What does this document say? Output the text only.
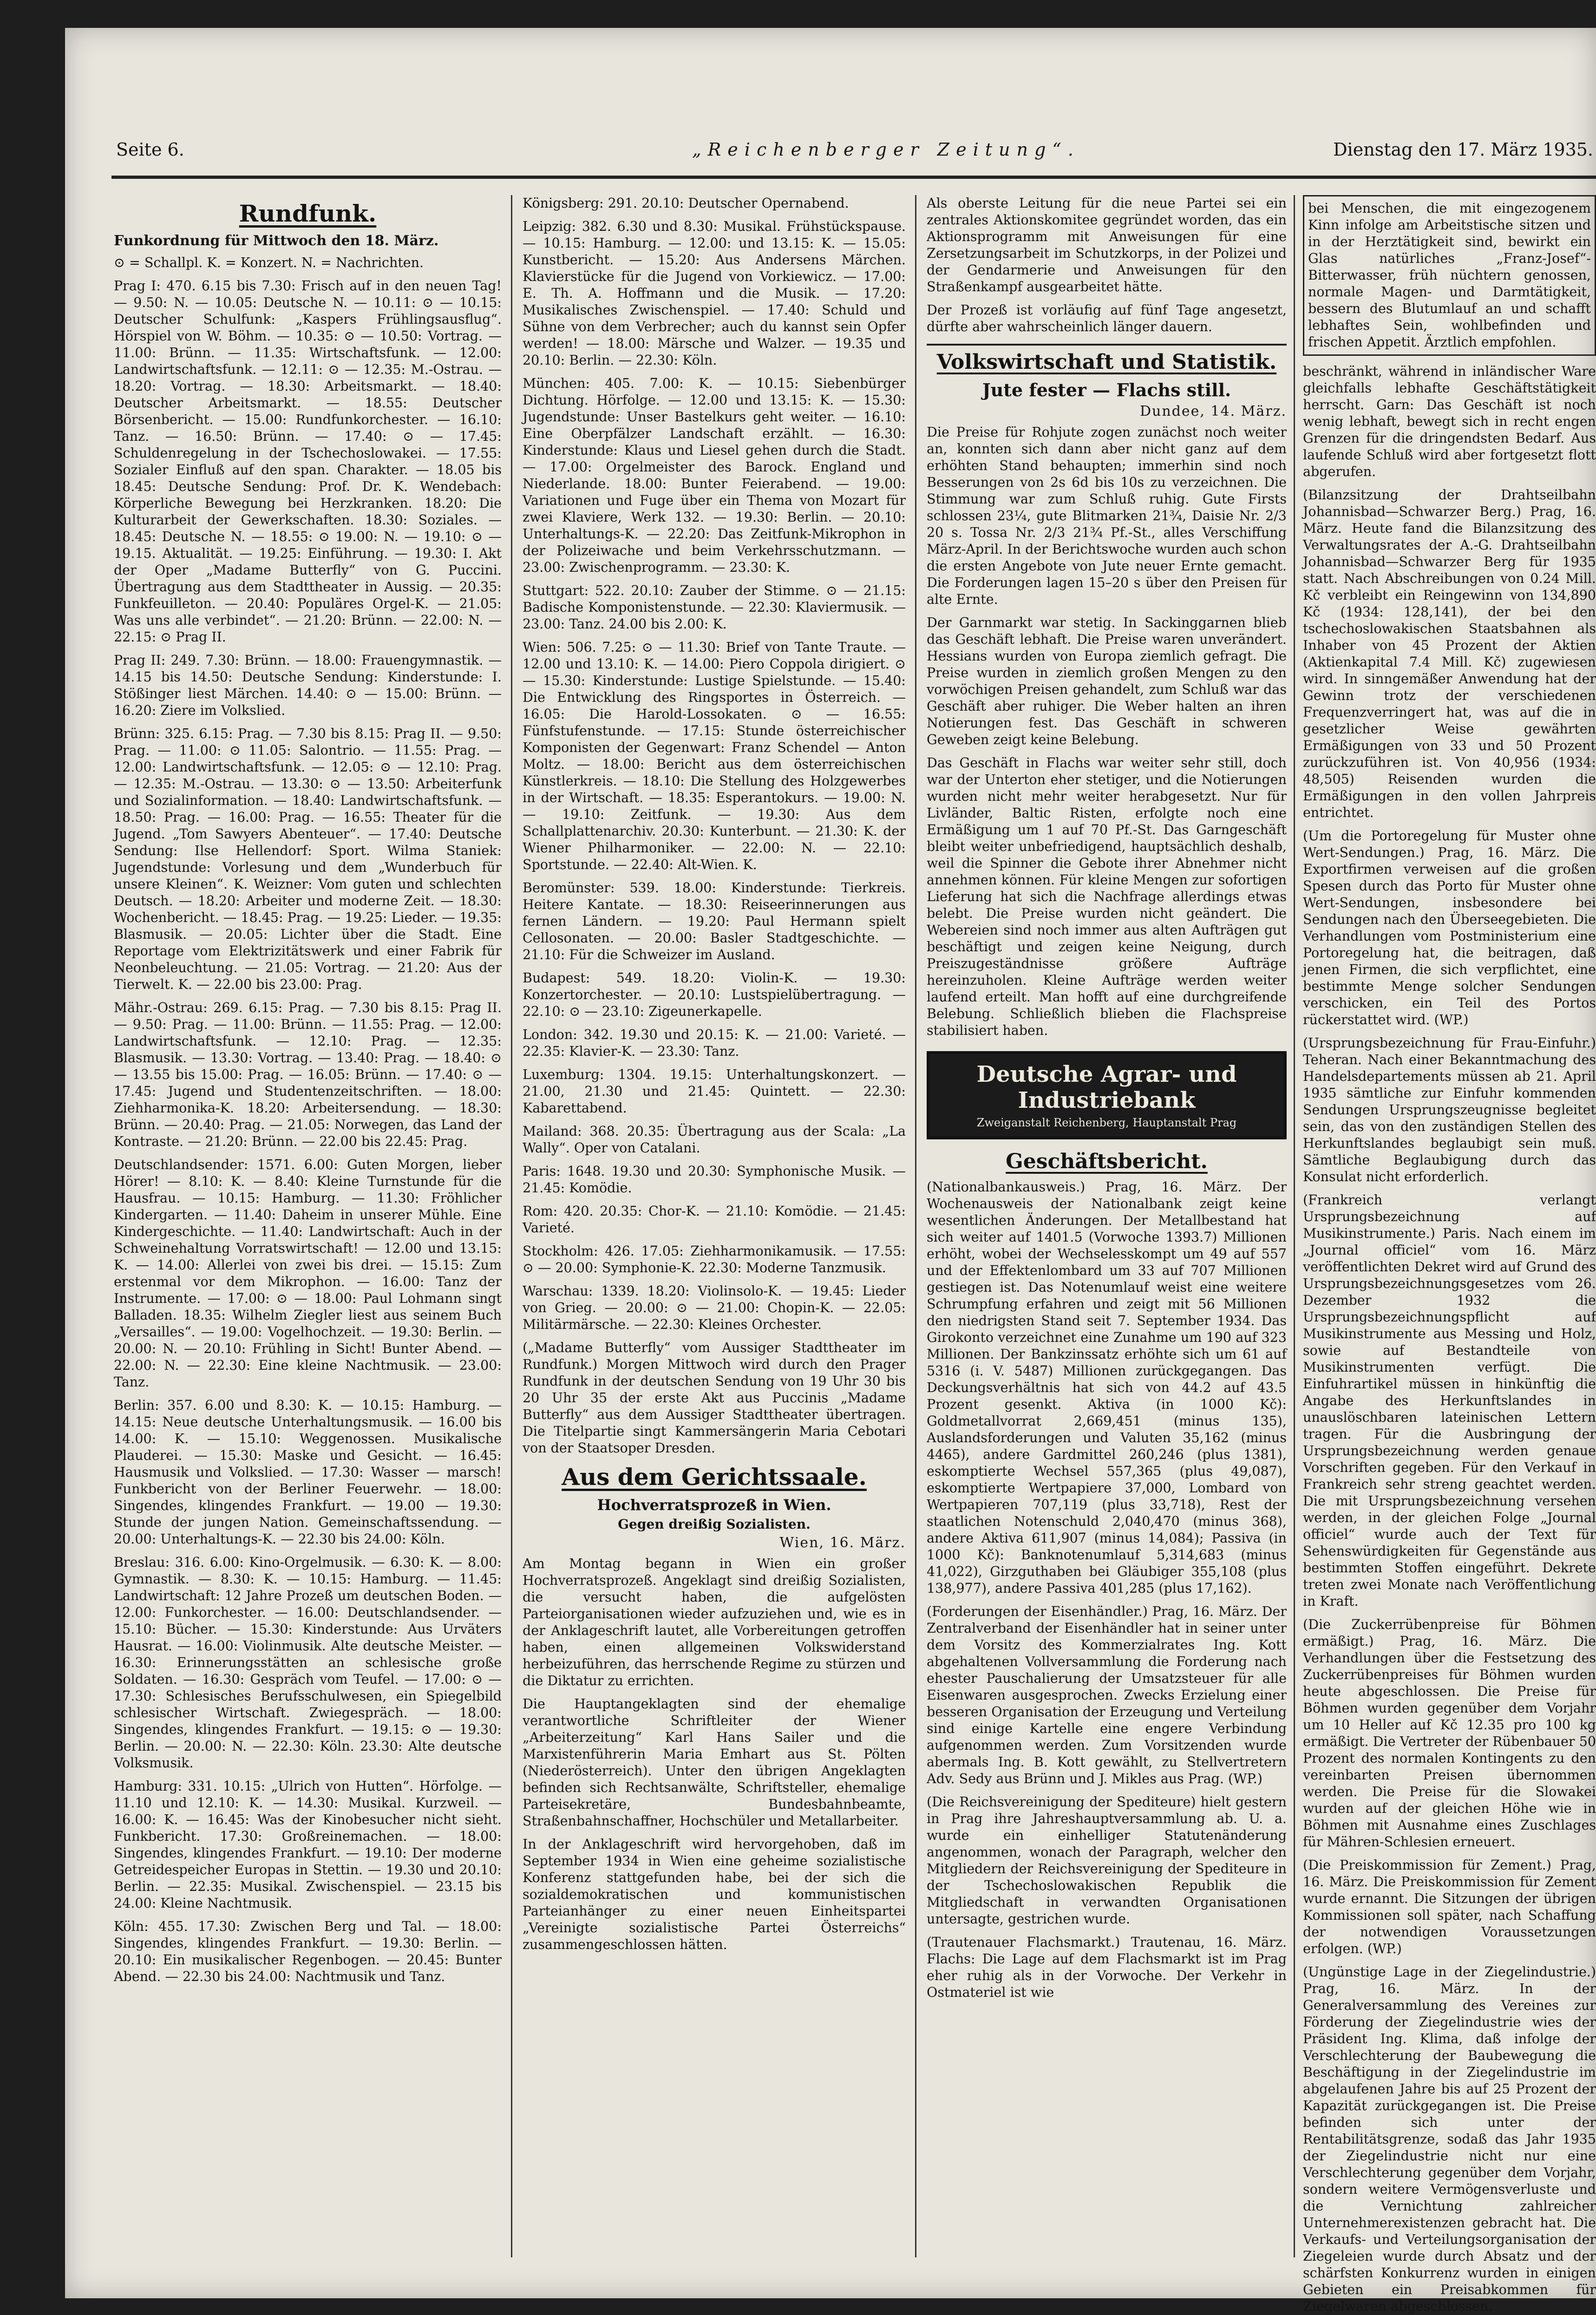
Seite 6.	„Reichenberger Zeitung“.	Dienstag den 17. März 1935.
Rundfunk.
Funkordnung für Mittwoch den 18. März.

⊙ = Schallpl. K. = Konzert. N. = Nachrichten.

Prag I: 470. 6.15 bis 7.30: Frisch auf in den neuen Tag! — 9.50: N. — 10.05: Deutsche N. — 10.11: ⊙ — 10.15: Deutscher Schulfunk: „Kaspers Frühlingsausflug“. Hörspiel von W. Böhm. — 10.35: ⊙ — 10.50: Vortrag. — 11.00: Brünn. — 11.35: Wirtschaftsfunk. — 12.00: Landwirtschaftsfunk. — 12.11: ⊙ — 12.35: M.-Ostrau. — 18.20: Vortrag. — 18.30: Arbeitsmarkt. — 18.40: Deutscher Arbeitsmarkt. — 18.55: Deutscher Börsenbericht. — 15.00: Rundfunkorchester. — 16.10: Tanz. — 16.50: Brünn. — 17.40: ⊙ — 17.45: Schuldenregelung in der Tschechoslowakei. — 17.55: Sozialer Einfluß auf den span. Charakter. — 18.05 bis 18.45: Deutsche Sendung: Prof. Dr. K. Wendebach: Körperliche Bewegung bei Herzkranken. 18.20: Die Kulturarbeit der Gewerkschaften. 18.30: Soziales. — 18.45: Deutsche N. — 18.55: ⊙ 19.00: N. — 19.10: ⊙ — 19.15. Aktualität. — 19.25: Einführung. — 19.30: I. Akt der Oper „Madame Butterfly“ von G. Puccini. Übertragung aus dem Stadttheater in Aussig. — 20.35: Funkfeuilleton. — 20.40: Populäres Orgel-K. — 21.05: Was uns alle verbindet“. — 21.20: Brünn. — 22.00: N. — 22.15: ⊙ Prag II.

Prag II: 249. 7.30: Brünn. — 18.00: Frauengymnastik. — 14.15 bis 14.50: Deutsche Sendung: Kinderstunde: I. Stößinger liest Märchen. 14.40: ⊙ — 15.00: Brünn. — 16.20: Ziere im Volkslied.

Brünn: 325. 6.15: Prag. — 7.30 bis 8.15: Prag II. — 9.50: Prag. — 11.00: ⊙ 11.05: Salontrio. — 11.55: Prag. — 12.00: Landwirtschaftsfunk. — 12.05: ⊙ — 12.10: Prag. — 12.35: M.-Ostrau. — 13.30: ⊙ — 13.50: Arbeiterfunk und Sozialinformation. — 18.40: Landwirtschaftsfunk. — 18.50: Prag. — 16.00: Prag. — 16.55: Theater für die Jugend. „Tom Sawyers Abenteuer“. — 17.40: Deutsche Sendung: Ilse Hellendorf: Sport. Wilma Staniek: Jugendstunde: Vorlesung und dem „Wunderbuch für unsere Kleinen“. K. Weizner: Vom guten und schlechten Deutsch. — 18.20: Arbeiter und moderne Zeit. — 18.30: Wochenbericht. — 18.45: Prag. — 19.25: Lieder. — 19.35: Blasmusik. — 20.05: Lichter über die Stadt. Eine Reportage vom Elektrizitätswerk und einer Fabrik für Neonbeleuchtung. — 21.05: Vortrag. — 21.20: Aus der Tierwelt. K. — 22.00 bis 23.00: Prag.

Mähr.-Ostrau: 269. 6.15: Prag. — 7.30 bis 8.15: Prag II. — 9.50: Prag. — 11.00: Brünn. — 11.55: Prag. — 12.00: Landwirtschaftsfunk. — 12.10: Prag. — 12.35: Blasmusik. — 13.30: Vortrag. — 13.40: Prag. — 18.40: ⊙ — 13.55 bis 15.00: Prag. — 16.05: Brünn. — 17.40: ⊙ — 17.45: Jugend und Studentenzeitschriften. — 18.00: Ziehharmonika-K. 18.20: Arbeitersendung. — 18.30: Brünn. — 20.40: Prag. — 21.05: Norwegen, das Land der Kontraste. — 21.20: Brünn. — 22.00 bis 22.45: Prag.

Deutschlandsender: 1571. 6.00: Guten Morgen, lieber Hörer! — 8.10: K. — 8.40: Kleine Turnstunde für die Hausfrau. — 10.15: Hamburg. — 11.30: Fröhlicher Kindergarten. — 11.40: Daheim in unserer Mühle. Eine Kindergeschichte. — 11.40: Landwirtschaft: Auch in der Schweinehaltung Vorratswirtschaft! — 12.00 und 13.15: K. — 14.00: Allerlei von zwei bis drei. — 15.15: Zum erstenmal vor dem Mikrophon. — 16.00: Tanz der Instrumente. — 17.00: ⊙ — 18.00: Paul Lohmann singt Balladen. 18.35: Wilhelm Ziegler liest aus seinem Buch „Versailles“. — 19.00: Vogelhochzeit. — 19.30: Berlin. — 20.00: N. — 20.10: Frühling in Sicht! Bunter Abend. — 22.00: N. — 22.30: Eine kleine Nachtmusik. — 23.00: Tanz.

Berlin: 357. 6.00 und 8.30: K. — 10.15: Hamburg. — 14.15: Neue deutsche Unterhaltungsmusik. — 16.00 bis 14.00: K. — 15.10: Weggenossen. Musikalische Plauderei. — 15.30: Maske und Gesicht. — 16.45: Hausmusik und Volkslied. — 17.30: Wasser — marsch! Funkbericht von der Berliner Feuerwehr. — 18.00: Singendes, klingendes Frankfurt. — 19.00 — 19.30: Stunde der jungen Nation. Gemeinschaftssendung. — 20.00: Unterhaltungs-K. — 22.30 bis 24.00: Köln.

Breslau: 316. 6.00: Kino-Orgelmusik. — 6.30: K. — 8.00: Gymnastik. — 8.30: K. — 10.15: Hamburg. — 11.45: Landwirtschaft: 12 Jahre Prozeß um deutschen Boden. — 12.00: Funkorchester. — 16.00: Deutschlandsender. — 15.10: Bücher. — 15.30: Kinderstunde: Aus Urväters Hausrat. — 16.00: Violinmusik. Alte deutsche Meister. — 16.30: Erinnerungsstätten an schlesische große Soldaten. — 16.30: Gespräch vom Teufel. — 17.00: ⊙ — 17.30: Schlesisches Berufsschulwesen, ein Spiegelbild schlesischer Wirtschaft. Zwiegespräch. — 18.00: Singendes, klingendes Frankfurt. — 19.15: ⊙ — 19.30: Berlin. — 20.00: N. — 22.30: Köln. 23.30: Alte deutsche Volksmusik.

Hamburg: 331. 10.15: „Ulrich von Hutten“. Hörfolge. — 11.10 und 12.10: K. — 14.30: Musikal. Kurzweil. — 16.00: K. — 16.45: Was der Kinobesucher nicht sieht. Funkbericht. 17.30: Großreinemachen. — 18.00: Singendes, klingendes Frankfurt. — 19.10: Der moderne Getreidespeicher Europas in Stettin. — 19.30 und 20.10: Berlin. — 22.35: Musikal. Zwischenspiel. — 23.15 bis 24.00: Kleine Nachtmusik.

Köln: 455. 17.30: Zwischen Berg und Tal. — 18.00: Singendes, klingendes Frankfurt. — 19.30: Berlin. — 20.10: Ein musikalischer Regenbogen. — 20.45: Bunter Abend. — 22.30 bis 24.00: Nachtmusik und Tanz.

Königsberg: 291. 20.10: Deutscher Opernabend.

Leipzig: 382. 6.30 und 8.30: Musikal. Frühstückspause. — 10.15: Hamburg. — 12.00: und 13.15: K. — 15.05: Kunstbericht. — 15.20: Aus Andersens Märchen. Klavierstücke für die Jugend von Vorkiewicz. — 17.00: E. Th. A. Hoffmann und die Musik. — 17.20: Musikalisches Zwischenspiel. — 17.40: Schuld und Sühne von dem Verbrecher; auch du kannst sein Opfer werden! — 18.00: Märsche und Walzer. — 19.35 und 20.10: Berlin. — 22.30: Köln.

München: 405. 7.00: K. — 10.15: Siebenbürger Dichtung. Hörfolge. — 12.00 und 13.15: K. — 15.30: Jugendstunde: Unser Bastelkurs geht weiter. — 16.10: Eine Oberpfälzer Landschaft erzählt. — 16.30: Kinderstunde: Klaus und Liesel gehen durch die Stadt. — 17.00: Orgelmeister des Barock. England und Niederlande. 18.00: Bunter Feierabend. — 19.00: Variationen und Fuge über ein Thema von Mozart für zwei Klaviere, Werk 132. — 19.30: Berlin. — 20.10: Unterhaltungs-K. — 22.20: Das Zeitfunk-Mikrophon in der Polizeiwache und beim Verkehrsschutzmann. — 23.00: Zwischenprogramm. — 23.30: K.

Stuttgart: 522. 20.10: Zauber der Stimme. ⊙ — 21.15: Badische Komponistenstunde. — 22.30: Klaviermusik. — 23.00: Tanz. 24.00 bis 2.00: K.

Wien: 506. 7.25: ⊙ — 11.30: Brief von Tante Traute. — 12.00 und 13.10: K. — 14.00: Piero Coppola dirigiert. ⊙ — 15.30: Kinderstunde: Lustige Spielstunde. — 15.40: Die Entwicklung des Ringsportes in Österreich. — 16.05: Die Harold-Lossokaten. ⊙ — 16.55: Fünfstufenstunde. — 17.15: Stunde österreichischer Komponisten der Gegenwart: Franz Schendel — Anton Moltz. — 18.00: Bericht aus dem österreichischen Künstlerkreis. — 18.10: Die Stellung des Holzgewerbes in der Wirtschaft. — 18.35: Esperantokurs. — 19.00: N. — 19.10: Zeitfunk. — 19.30: Aus dem Schallplattenarchiv. 20.30: Kunterbunt. — 21.30: K. der Wiener Philharmoniker. — 22.00: N. — 22.10: Sportstunde. — 22.40: Alt-Wien. K.

Beromünster: 539. 18.00: Kinderstunde: Tierkreis. Heitere Kantate. — 18.30: Reiseerinnerungen aus fernen Ländern. — 19.20: Paul Hermann spielt Cellosonaten. — 20.00: Basler Stadtgeschichte. — 21.10: Für die Schweizer im Ausland.

Budapest: 549. 18.20: Violin-K. — 19.30: Konzertorchester. — 20.10: Lustspielübertragung. — 22.10: ⊙ — 23.10: Zigeunerkapelle.

London: 342. 19.30 und 20.15: K. — 21.00: Varieté. — 22.35: Klavier-K. — 23.30: Tanz.

Luxemburg: 1304. 19.15: Unterhaltungskonzert. — 21.00, 21.30 und 21.45: Quintett. — 22.30: Kabarettabend.

Mailand: 368. 20.35: Übertragung aus der Scala: „La Wally“. Oper von Catalani.

Paris: 1648. 19.30 und 20.30: Symphonische Musik. — 21.45: Komödie.

Rom: 420. 20.35: Chor-K. — 21.10: Komödie. — 21.45: Varieté.

Stockholm: 426. 17.05: Ziehharmonikamusik. — 17.55: ⊙ — 20.00: Symphonie-K. 22.30: Moderne Tanzmusik.

Warschau: 1339. 18.20: Violinsolo-K. — 19.45: Lieder von Grieg. — 20.00: ⊙ — 21.00: Chopin-K. — 22.05: Militärmärsche. — 22.30: Kleines Orchester.

(„Madame Butterfly“ vom Aussiger Stadttheater im Rundfunk.) Morgen Mittwoch wird durch den Prager Rundfunk in der deutschen Sendung von 19 Uhr 30 bis 20 Uhr 35 der erste Akt aus Puccinis „Madame Butterfly“ aus dem Aussiger Stadttheater übertragen. Die Titelpartie singt Kammersängerin Maria Cebotari von der Staatsoper Dresden.

Aus dem Gerichtssaale.
Hochverratsprozeß in Wien.
Gegen dreißig Sozialisten.
Wien, 16. März.

Am Montag begann in Wien ein großer Hochverratsprozeß. Angeklagt sind dreißig Sozialisten, die versucht haben, die aufgelösten Parteiorganisationen wieder aufzuziehen und, wie es in der Anklageschrift lautet, alle Vorbereitungen getroffen haben, einen allgemeinen Volkswiderstand herbeizuführen, das herrschende Regime zu stürzen und die Diktatur zu errichten.

Die Hauptangeklagten sind der ehemalige verantwortliche Schriftleiter der Wiener „Arbeiterzeitung“ Karl Hans Sailer und die Marxistenführerin Maria Emhart aus St. Pölten (Niederösterreich). Unter den übrigen Angeklagten befinden sich Rechtsanwälte, Schriftsteller, ehemalige Parteisekretäre, Bundesbahnbeamte, Straßenbahnschaffner, Hochschüler und Metallarbeiter.

In der Anklageschrift wird hervorgehoben, daß im September 1934 in Wien eine geheime sozialistische Konferenz stattgefunden habe, bei der sich die sozialdemokratischen und kommunistischen Parteianhänger zu einer neuen Einheitspartei „Vereinigte sozialistische Partei Österreichs“ zusammengeschlossen hätten.

Als oberste Leitung für die neue Partei sei ein zentrales Aktionskomitee gegründet worden, das ein Aktionsprogramm mit Anweisungen für eine Zersetzungsarbeit im Schutzkorps, in der Polizei und der Gendarmerie und Anweisungen für den Straßenkampf ausgearbeitet hätte.

Der Prozeß ist vorläufig auf fünf Tage angesetzt, dürfte aber wahrscheinlich länger dauern.

Volkswirtschaft und Statistik.
Jute fester — Flachs still.
Dundee, 14. März.

Die Preise für Rohjute zogen zunächst noch weiter an, konnten sich dann aber nicht ganz auf dem erhöhten Stand behaupten; immerhin sind noch Besserungen von 2s 6d bis 10s zu verzeichnen. Die Stimmung war zum Schluß ruhig. Gute Firsts schlossen 23¼, gute Blitmarken 21¾, Daisie Nr. 2/3 20 s. Tossa Nr. 2/3 21¾ Pf.-St., alles Verschiffung März-April. In der Berichtswoche wurden auch schon die ersten Angebote von Jute neuer Ernte gemacht. Die Forderungen lagen 15–20 s über den Preisen für alte Ernte.

Der Garnmarkt war stetig. In Sackinggarnen blieb das Geschäft lebhaft. Die Preise waren unverändert. Hessians wurden von Europa ziemlich gefragt. Die Preise wurden in ziemlich großen Mengen zu den vorwöchigen Preisen gehandelt, zum Schluß war das Geschäft aber ruhiger. Die Weber halten an ihren Notierungen fest. Das Geschäft in schweren Geweben zeigt keine Belebung.

Das Geschäft in Flachs war weiter sehr still, doch war der Unterton eher stetiger, und die Notierungen wurden nicht mehr weiter herabgesetzt. Nur für Livländer, Baltic Risten, erfolgte noch eine Ermäßigung um 1 auf 70 Pf.-St. Das Garngeschäft bleibt weiter unbefriedigend, hauptsächlich deshalb, weil die Spinner die Gebote ihrer Abnehmer nicht annehmen können. Für kleine Mengen zur sofortigen Lieferung hat sich die Nachfrage allerdings etwas belebt. Die Preise wurden nicht geändert. Die Webereien sind noch immer aus alten Aufträgen gut beschäftigt und zeigen keine Neigung, durch Preiszugeständnisse größere Aufträge hereinzuholen. Kleine Aufträge werden weiter laufend erteilt. Man hofft auf eine durchgreifende Belebung. Schließlich blieben die Flachspreise stabilisiert haben.

Deutsche Agrar- und Industriebank
Zweiganstalt Reichenberg, Hauptanstalt Prag
Geschäftsbericht.

(Nationalbankausweis.) Prag, 16. März. Der Wochenausweis der Nationalbank zeigt keine wesentlichen Änderungen. Der Metallbestand hat sich weiter auf 1401.5 (Vorwoche 1393.7) Millionen erhöht, wobei der Wechselesskompt um 49 auf 557 und der Effektenlombard um 33 auf 707 Millionen gestiegen ist. Das Notenumlauf weist eine weitere Schrumpfung erfahren und zeigt mit 56 Millionen den niedrigsten Stand seit 7. September 1934. Das Girokonto verzeichnet eine Zunahme um 190 auf 323 Millionen. Der Bankzinssatz erhöhte sich um 61 auf 5316 (i. V. 5487) Millionen zurückgegangen. Das Deckungsverhältnis hat sich von 44.2 auf 43.5 Prozent gesenkt. Aktiva (in 1000 Kč): Goldmetallvorrat 2,669,451 (minus 135), Auslandsforderungen und Valuten 35,162 (minus 4465), andere Gardmittel 260,246 (plus 1381), eskomptierte Wechsel 557,365 (plus 49,087), eskomptierte Wertpapiere 37,000, Lombard von Wertpapieren 707,119 (plus 33,718), Rest der staatlichen Notenschuld 2,040,470 (minus 368), andere Aktiva 611,907 (minus 14,084); Passiva (in 1000 Kč): Banknotenumlauf 5,314,683 (minus 41,022), Girzguthaben bei Gläubiger 355,108 (plus 138,977), andere Passiva 401,285 (plus 17,162).

(Forderungen der Eisenhändler.) Prag, 16. März. Der Zentralverband der Eisenhändler hat in seiner unter dem Vorsitz des Kommerzialrates Ing. Kott abgehaltenen Vollversammlung die Forderung nach ehester Pauschalierung der Umsatzsteuer für alle Eisenwaren ausgesprochen. Zwecks Erzielung einer besseren Organisation der Erzeugung und Verteilung sind einige Kartelle eine engere Verbindung aufgenommen werden. Zum Vorsitzenden wurde abermals Ing. B. Kott gewählt, zu Stellvertretern Adv. Sedy aus Brünn und J. Mikles aus Prag. (WP.)

(Die Reichsvereinigung der Spediteure) hielt gestern in Prag ihre Jahreshauptversammlung ab. U. a. wurde ein einhelliger Statutenänderung angenommen, wonach der Paragraph, welcher den Mitgliedern der Reichsvereinigung der Spediteure in der Tschechoslowakischen Republik die Mitgliedschaft in verwandten Organisationen untersagte, gestrichen wurde.

(Trautenauer Flachsmarkt.) Trautenau, 16. März. Flachs: Die Lage auf dem Flachsmarkt ist im Prag eher ruhig als in der Vorwoche. Der Verkehr in Ostmateriel ist wie

bei Menschen, die mit eingezogenem Kinn infolge am Arbeitstische sitzen und in der Herztätigkeit sind, bewirkt ein Glas natürliches „Franz-Josef“-Bitterwasser, früh nüchtern genossen, normale Magen- und Darmtätigkeit, bessern des Blutumlauf an und schafft lebhaftes Sein, wohlbefinden und frischen Appetit. Ärztlich empfohlen.

beschränkt, während in inländischer Ware gleichfalls lebhafte Geschäftstätigkeit herrscht. Garn: Das Geschäft ist noch wenig lebhaft, bewegt sich in recht engen Grenzen für die dringendsten Bedarf. Aus laufende Schluß wird aber fortgesetzt flott abgerufen.

(Bilanzsitzung der Drahtseilbahn Johannisbad—Schwarzer Berg.) Prag, 16. März. Heute fand die Bilanzsitzung des Verwaltungsrates der A.-G. Drahtseilbahn Johannisbad—Schwarzer Berg für 1935 statt. Nach Abschreibungen von 0.24 Mill. Kč verbleibt ein Reingewinn von 134,890 Kč (1934: 128,141), der bei den tschechoslowakischen Staatsbahnen als Inhaber von 45 Prozent der Aktien (Aktienkapital 7.4 Mill. Kč) zugewiesen wird. In sinngemäßer Anwendung hat der Gewinn trotz der verschiedenen Frequenzverringert hat, was auf die in gesetzlicher Weise gewährten Ermäßigungen von 33 und 50 Prozent zurückzuführen ist. Von 40,956 (1934: 48,505) Reisenden wurden die Ermäßigungen in den vollen Jahrpreis entrichtet.

(Um die Portoregelung für Muster ohne Wert-Sendungen.) Prag, 16. März. Die Exportfirmen verweisen auf die großen Spesen durch das Porto für Muster ohne Wert-Sendungen, insbesondere bei Sendungen nach den Überseegebieten. Die Verhandlungen vom Postministerium eine Portoregelung hat, die beitragen, daß jenen Firmen, die sich verpflichtet, eine bestimmte Menge solcher Sendungen verschicken, ein Teil des Portos rückerstattet wird. (WP.)

(Ursprungsbezeichnung für Frau-Einfuhr.) Teheran. Nach einer Bekanntmachung des Handelsdepartements müssen ab 21. April 1935 sämtliche zur Einfuhr kommenden Sendungen Ursprungszeugnisse begleitet sein, das von den zuständigen Stellen des Herkunftslandes beglaubigt sein muß. Sämtliche Beglaubigung durch das Konsulat nicht erforderlich.

(Frankreich verlangt Ursprungsbezeichnung auf Musikinstrumente.) Paris. Nach einem im „Journal officiel“ vom 16. März veröffentlichten Dekret wird auf Grund des Ursprungsbezeichnungsgesetzes vom 26. Dezember 1932 die Ursprungsbezeichnungspflicht auf Musikinstrumente aus Messing und Holz, sowie auf Bestandteile von Musikinstrumenten verfügt. Die Einfuhrartikel müssen in hinkünftig die Angabe des Herkunftslandes in unauslöschbaren lateinischen Lettern tragen. Für die Ausbringung der Ursprungsbezeichnung werden genaue Vorschriften gegeben. Für den Verkauf in Frankreich sehr streng geachtet werden. Die mit Ursprungsbezeichnung versehen werden, in der gleichen Folge „Journal officiel“ wurde auch der Text für Sehenswürdigkeiten für Gegenstände aus bestimmten Stoffen eingeführt. Dekrete treten zwei Monate nach Veröffentlichung in Kraft.

(Die Zuckerrübenpreise für Böhmen ermäßigt.) Prag, 16. März. Die Verhandlungen über die Festsetzung des Zuckerrübenpreises für Böhmen wurden heute abgeschlossen. Die Preise für Böhmen wurden gegenüber dem Vorjahr um 10 Heller auf Kč 12.35 pro 100 kg ermäßigt. Die Vertreter der Rübenbauer 50 Prozent des normalen Kontingents zu den vereinbarten Preisen übernommen werden. Die Preise für die Slowakei wurden auf der gleichen Höhe wie in Böhmen mit Ausnahme eines Zuschlages für Mähren-Schlesien erneuert.

(Die Preiskommission für Zement.) Prag, 16. März. Die Preiskommission für Zement wurde ernannt. Die Sitzungen der übrigen Kommissionen soll später, nach Schaffung der notwendigen Voraussetzungen erfolgen. (WP.)

(Ungünstige Lage in der Ziegelindustrie.) Prag, 16. März. In der Generalversammlung des Vereines zur Förderung der Ziegelindustrie wies der Präsident Ing. Klima, daß infolge der Verschlechterung der Baubewegung die Beschäftigung in der Ziegelindustrie im abgelaufenen Jahre bis auf 25 Prozent der Kapazität zurückgegangen ist. Die Preise befinden sich unter der Rentabilitätsgrenze, sodaß das Jahr 1935 der Ziegelindustrie nicht nur eine Verschlechterung gegenüber dem Vorjahr, sondern weitere Vermögensverluste und die Vernichtung zahlreicher Unternehmerexistenzen gebracht hat. Die Verkaufs- und Verteilungsorganisation der Ziegeleien wurde durch Absatz und der schärfsten Konkurrenz wurden in einigen Gebieten ein Preisabkommen für Ziegelwaren abgeschlossen.
